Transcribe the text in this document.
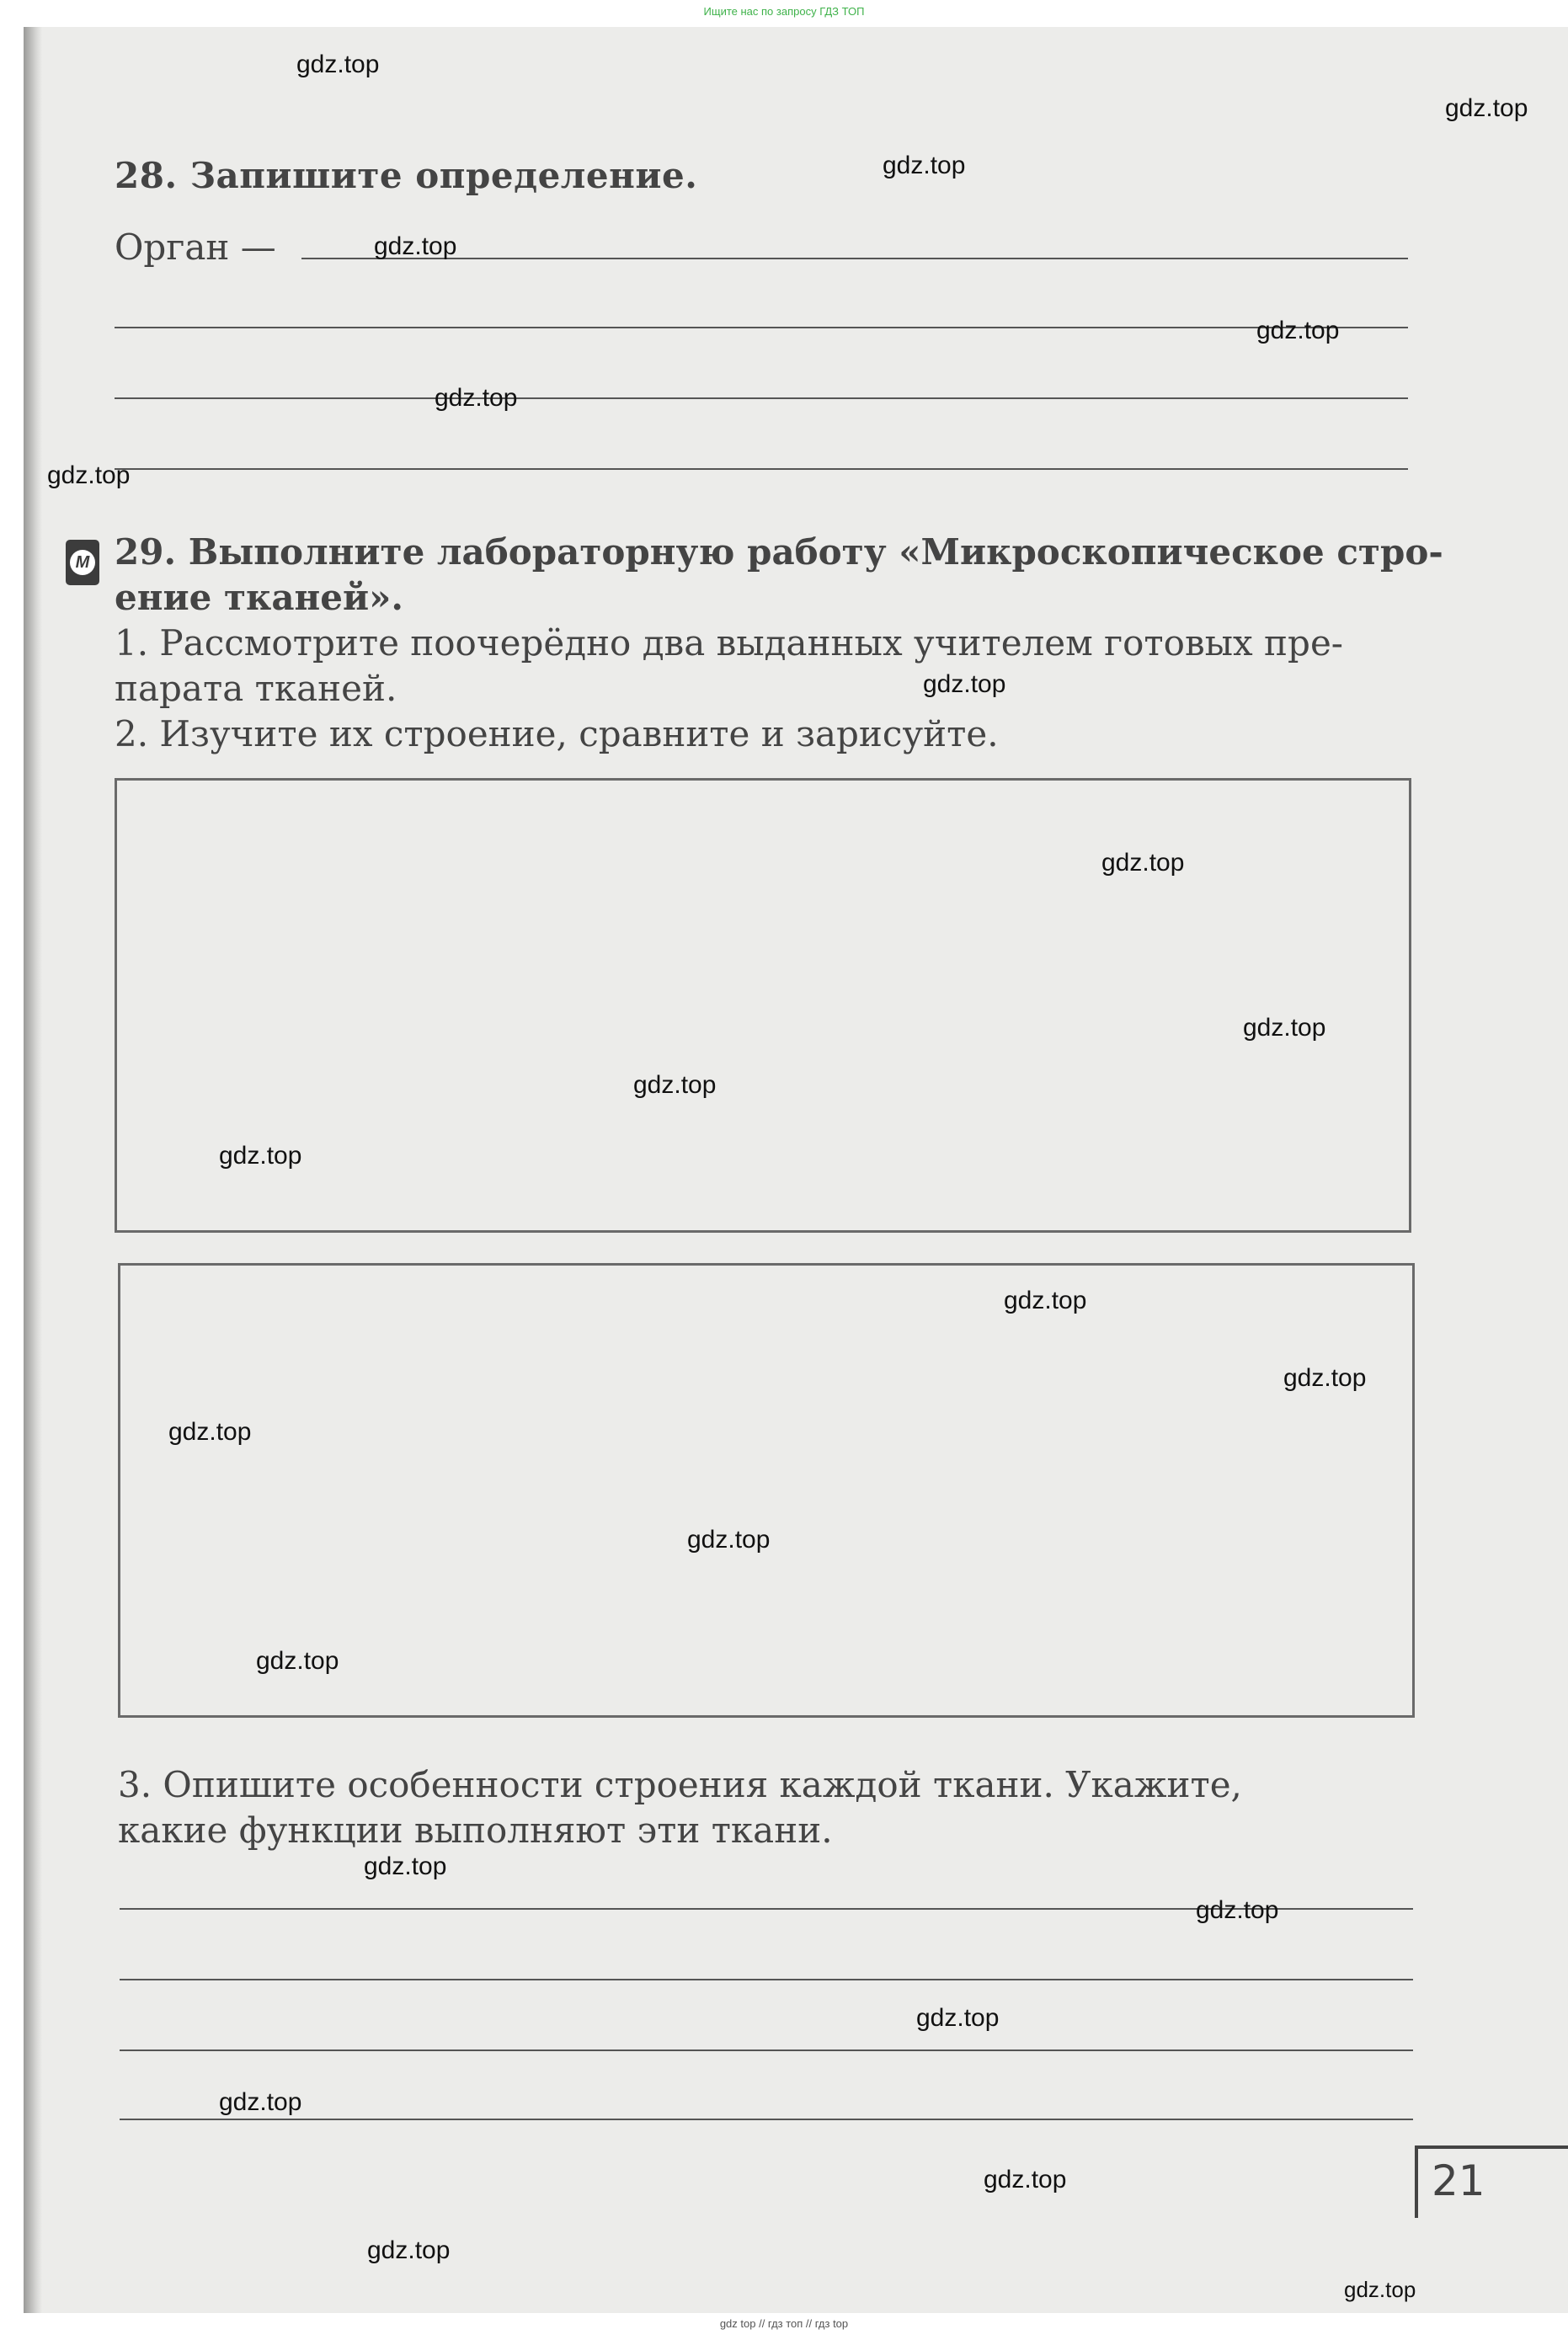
Ищите нас по запросу ГДЗ ТОП
28. Запишите определение.
Орган —
М 29. Выполните лабораторную работу «Микроскопическое стро-
ение тканей».
1. Рассмотрите поочерёдно два выданных учителем готовых пре-
парата тканей.
2. Изучите их строение, сравните и зарисуйте.
3. Опишите особенности строения каждой ткани. Укажите,
какие функции выполняют эти ткани.
21
gdz.top
gdz.top
gdz.top
gdz.top
gdz.top
gdz.top
gdz.top
gdz.top
gdz.top
gdz.top
gdz.top
gdz.top
gdz.top
gdz.top
gdz.top
gdz.top
gdz.top
gdz.top
gdz.top
gdz.top
gdz.top
gdz.top
gdz.top
gdz.top
gdz top // гдз топ // гдз top
